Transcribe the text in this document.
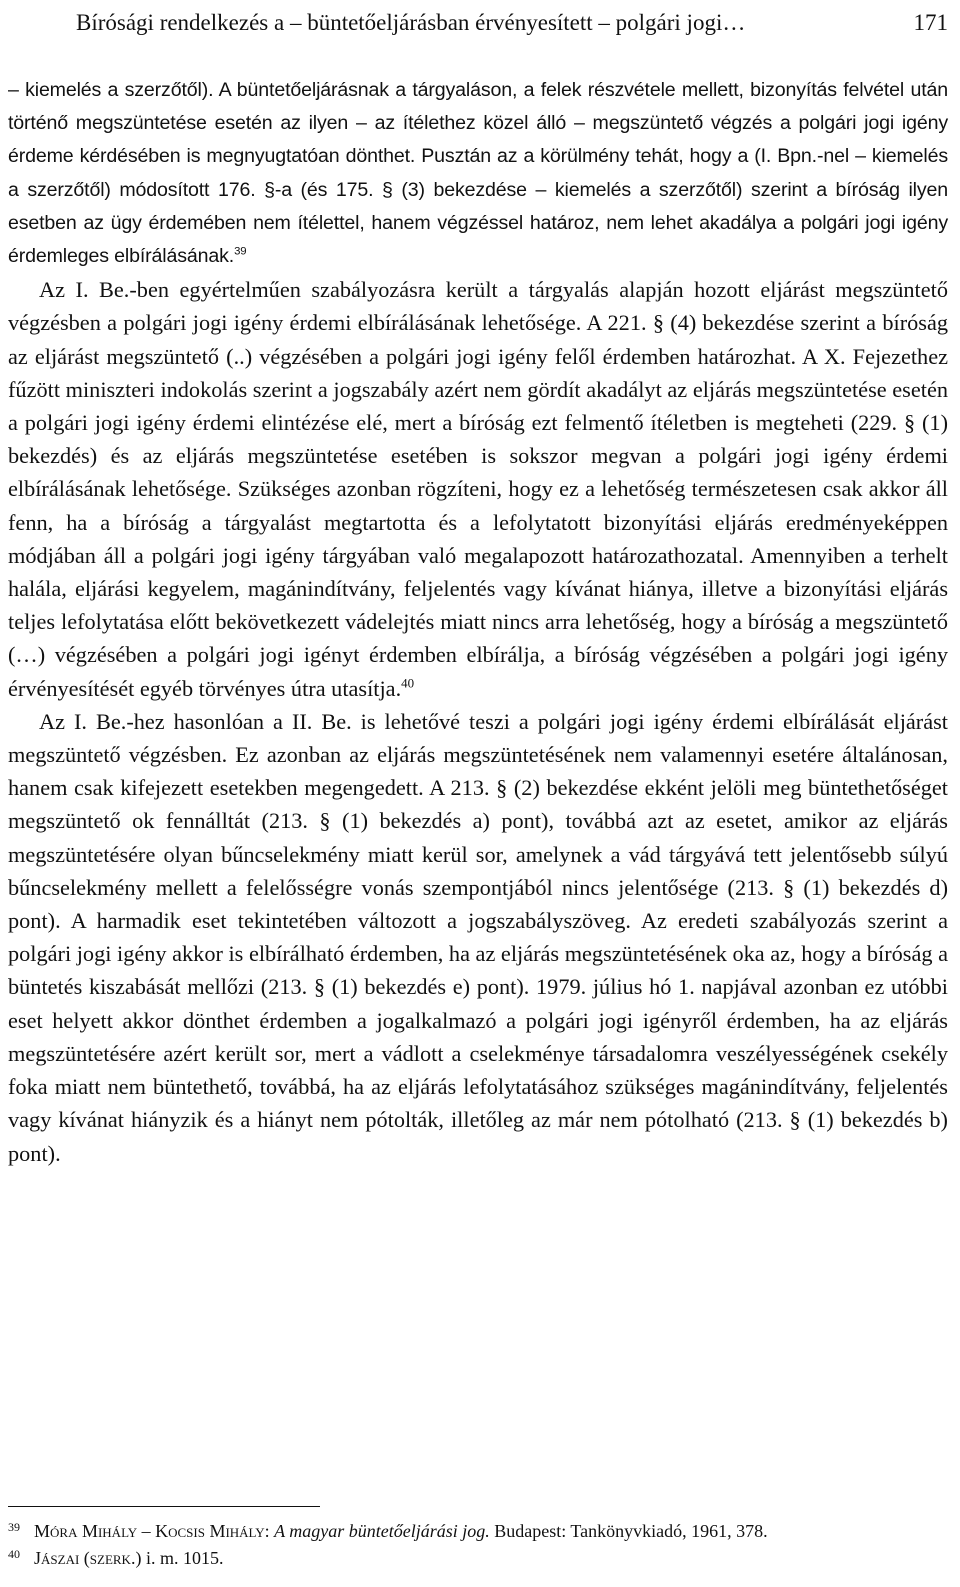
Bírósági rendelkezés a – büntetőeljárásban érvényesített – polgári jogi…	171

– kiemelés a szerzőtől). A büntetőeljárásnak a tárgyaláson, a felek részvétele mellett, bizonyítás felvétel után történő megszüntetése esetén az ilyen – az ítélethez közel álló – megszüntető végzés a polgári jogi igény érdeme kérdésében is megnyugtatóan dönthet. Pusztán az a körülmény tehát, hogy a (I. Bpn.-nel – kiemelés a szerzőtől) módosított 176. §-a (és 175. § (3) bekezdése – kiemelés a szerzőtől) szerint a bíróság ilyen esetben az ügy érdemében nem ítélettel, hanem végzéssel határoz, nem lehet akadálya a polgári jogi igény érdemleges elbírálásának.$^{39}$

Az I. Be.-ben egyértelműen szabályozásra került a tárgyalás alapján hozott eljárást megszüntető végzésben a polgári jogi igény érdemi elbírálásának lehetősége. A 221. § (4) bekezdése szerint a bíróság az eljárást megszüntető (..) végzésében a polgári jogi igény felől érdemben határozhat. A X. Fejezethez fűzött miniszteri indokolás szerint a jogszabály azért nem gördít akadályt az eljárás megszüntetése esetén a polgári jogi igény érdemi elintézése elé, mert a bíróság ezt felmentő ítéletben is megteheti (229. § (1) bekezdés) és az eljárás megszüntetése esetében is sokszor megvan a polgári jogi igény érdemi elbírálásának lehetősége. Szükséges azonban rögzíteni, hogy ez a lehetőség természetesen csak akkor áll fenn, ha a bíróság a tárgyalást megtartotta és a lefolytatott bizonyítási eljárás eredményeképpen módjában áll a polgári jogi igény tárgyában való megalapozott határozathozatal. Amennyiben a terhelt halála, eljárási kegyelem, magánindítvány, feljelentés vagy kívánat hiánya, illetve a bizonyítási eljárás teljes lefolytatása előtt bekövetkezett vádelejtés miatt nincs arra lehetőség, hogy a bíróság a megszüntető (…) végzésében a polgári jogi igényt érdemben elbírálja, a bíróság végzésében a polgári jogi igény érvényesítését egyéb törvényes útra utasítja.$^{40}$

Az I. Be.-hez hasonlóan a II. Be. is lehetővé teszi a polgári jogi igény érdemi elbírálását eljárást megszüntető végzésben. Ez azonban az eljárás megszüntetésének nem valamennyi esetére általánosan, hanem csak kifejezett esetekben megengedett. A 213. § (2) bekezdése ekként jelöli meg büntethetőséget megszüntető ok fennálltát (213. § (1) bekezdés a) pont), továbbá azt az esetet, amikor az eljárás megszüntetésére olyan bűncselekmény miatt kerül sor, amelynek a vád tárgyává tett jelentősebb súlyú bűncselekmény mellett a felelősségre vonás szempontjából nincs jelentősége (213. § (1) bekezdés d) pont). A harmadik eset tekintetében változott a jogszabályszöveg. Az eredeti szabályozás szerint a polgári jogi igény akkor is elbírálható érdemben, ha az eljárás megszüntetésének oka az, hogy a bíróság a büntetés kiszabását mellőzi (213. § (1) bekezdés e) pont). 1979. július hó 1. napjával azonban ez utóbbi eset helyett akkor dönthet érdemben a jogalkalmazó a polgári jogi igényről érdemben, ha az eljárás megszüntetésére azért került sor, mert a vádlott a cselekménye társadalomra veszélyességének csekély foka miatt nem büntethető, továbbá, ha az eljárás lefolytatásához szükséges magánindítvány, feljelentés vagy kívánat hiányzik és a hiányt nem pótolták, illetőleg az már nem pótolható (213. § (1) bekezdés b) pont).

39 Móra Mihály – Kocsis Mihály: A magyar büntetőeljárási jog. Budapest: Tankönyvkiadó, 1961, 378.
40 Jászai (szerk.) i. m. 1015.
